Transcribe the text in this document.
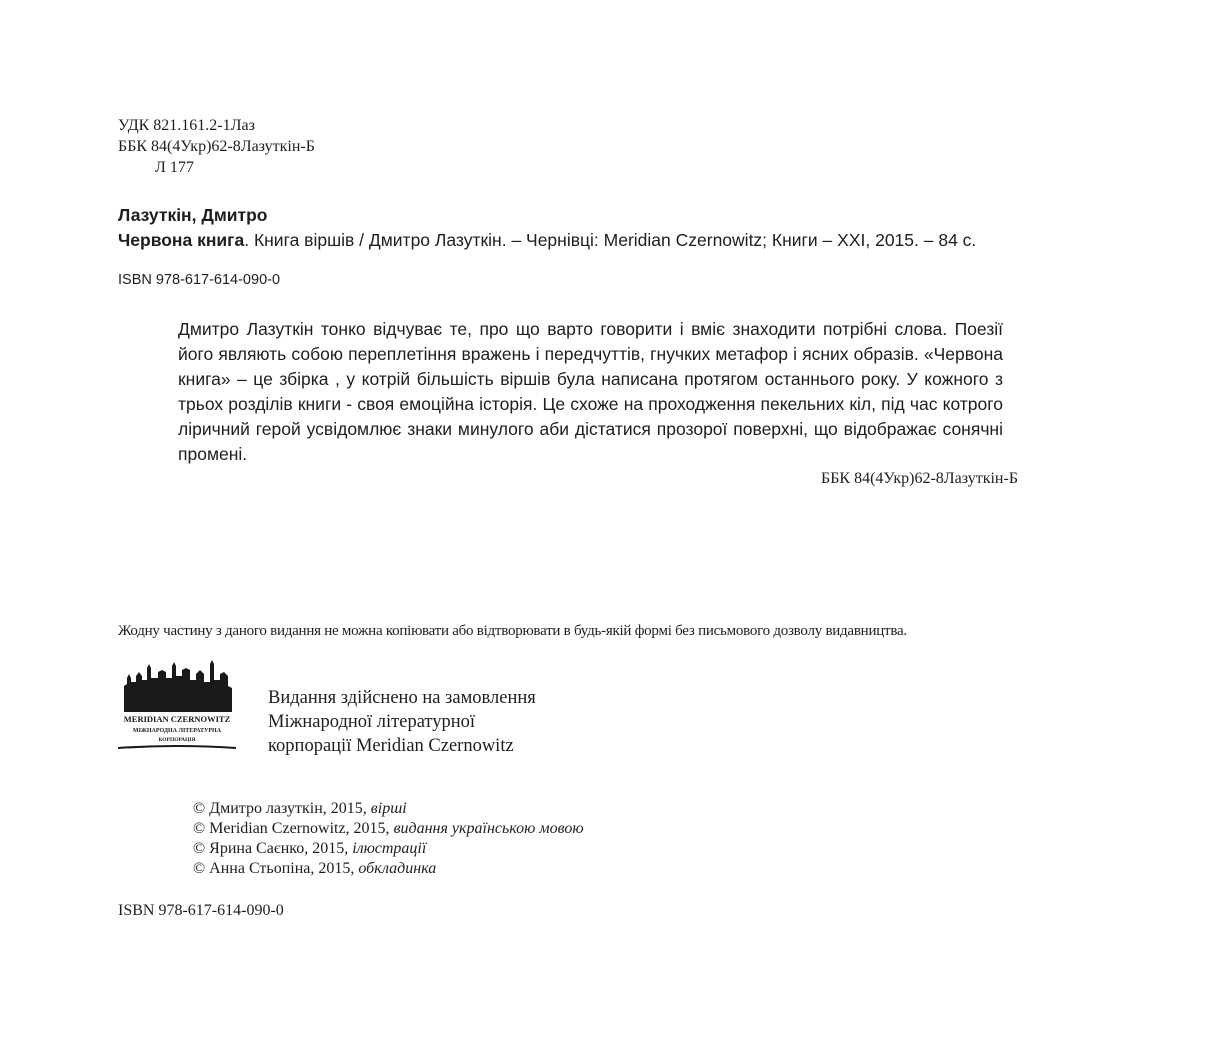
УДК 821.161.2-1Лаз
ББК 84(4Укр)62-8Лазуткін-Б
Л 177
Лазуткін, Дмитро
Червона книга. Книга віршів / Дмитро Лазуткін. – Чернівці: Meridian Czernowitz; Книги – XXI, 2015. – 84 с.
ISBN 978-617-614-090-0
Дмитро Лазуткін тонко відчуває те, про що варто говорити і вміє знаходити потрібні слова. Поезії його являють собою переплетіння вражень і передчуттів, гнучких метафор і ясних образів. «Червона книга» – це збірка , у котрій більшість віршів була написана протягом останнього року. У кожного з трьох розділів книги - своя емоційна історія. Це схоже на проходження пекельних кіл, під час котрого ліричний герой усвідомлює знаки минулого аби дістатися прозорої поверхні, що відображає сонячні промені.
ББК 84(4Укр)62-8Лазуткін-Б
Жодну частину з даного видання не можна копіювати або відтворювати в будь-якій формі без письмового дозволу видавництва.
MERIDIAN CZERNOWITZ
МІЖНАРОДНА ЛІТЕРАТУРНА
КОРПОРАЦІЯ
Видання здійснено на замовлення
Міжнародної літературної
корпорації Meridian Czernowitz
© Дмитро лазуткін, 2015, вірші
© Meridian Czernowitz, 2015, видання українською мовою
© Ярина Саєнко, 2015, ілюстрації
© Анна Стьопіна, 2015, обкладинка
ISBN 978-617-614-090-0
